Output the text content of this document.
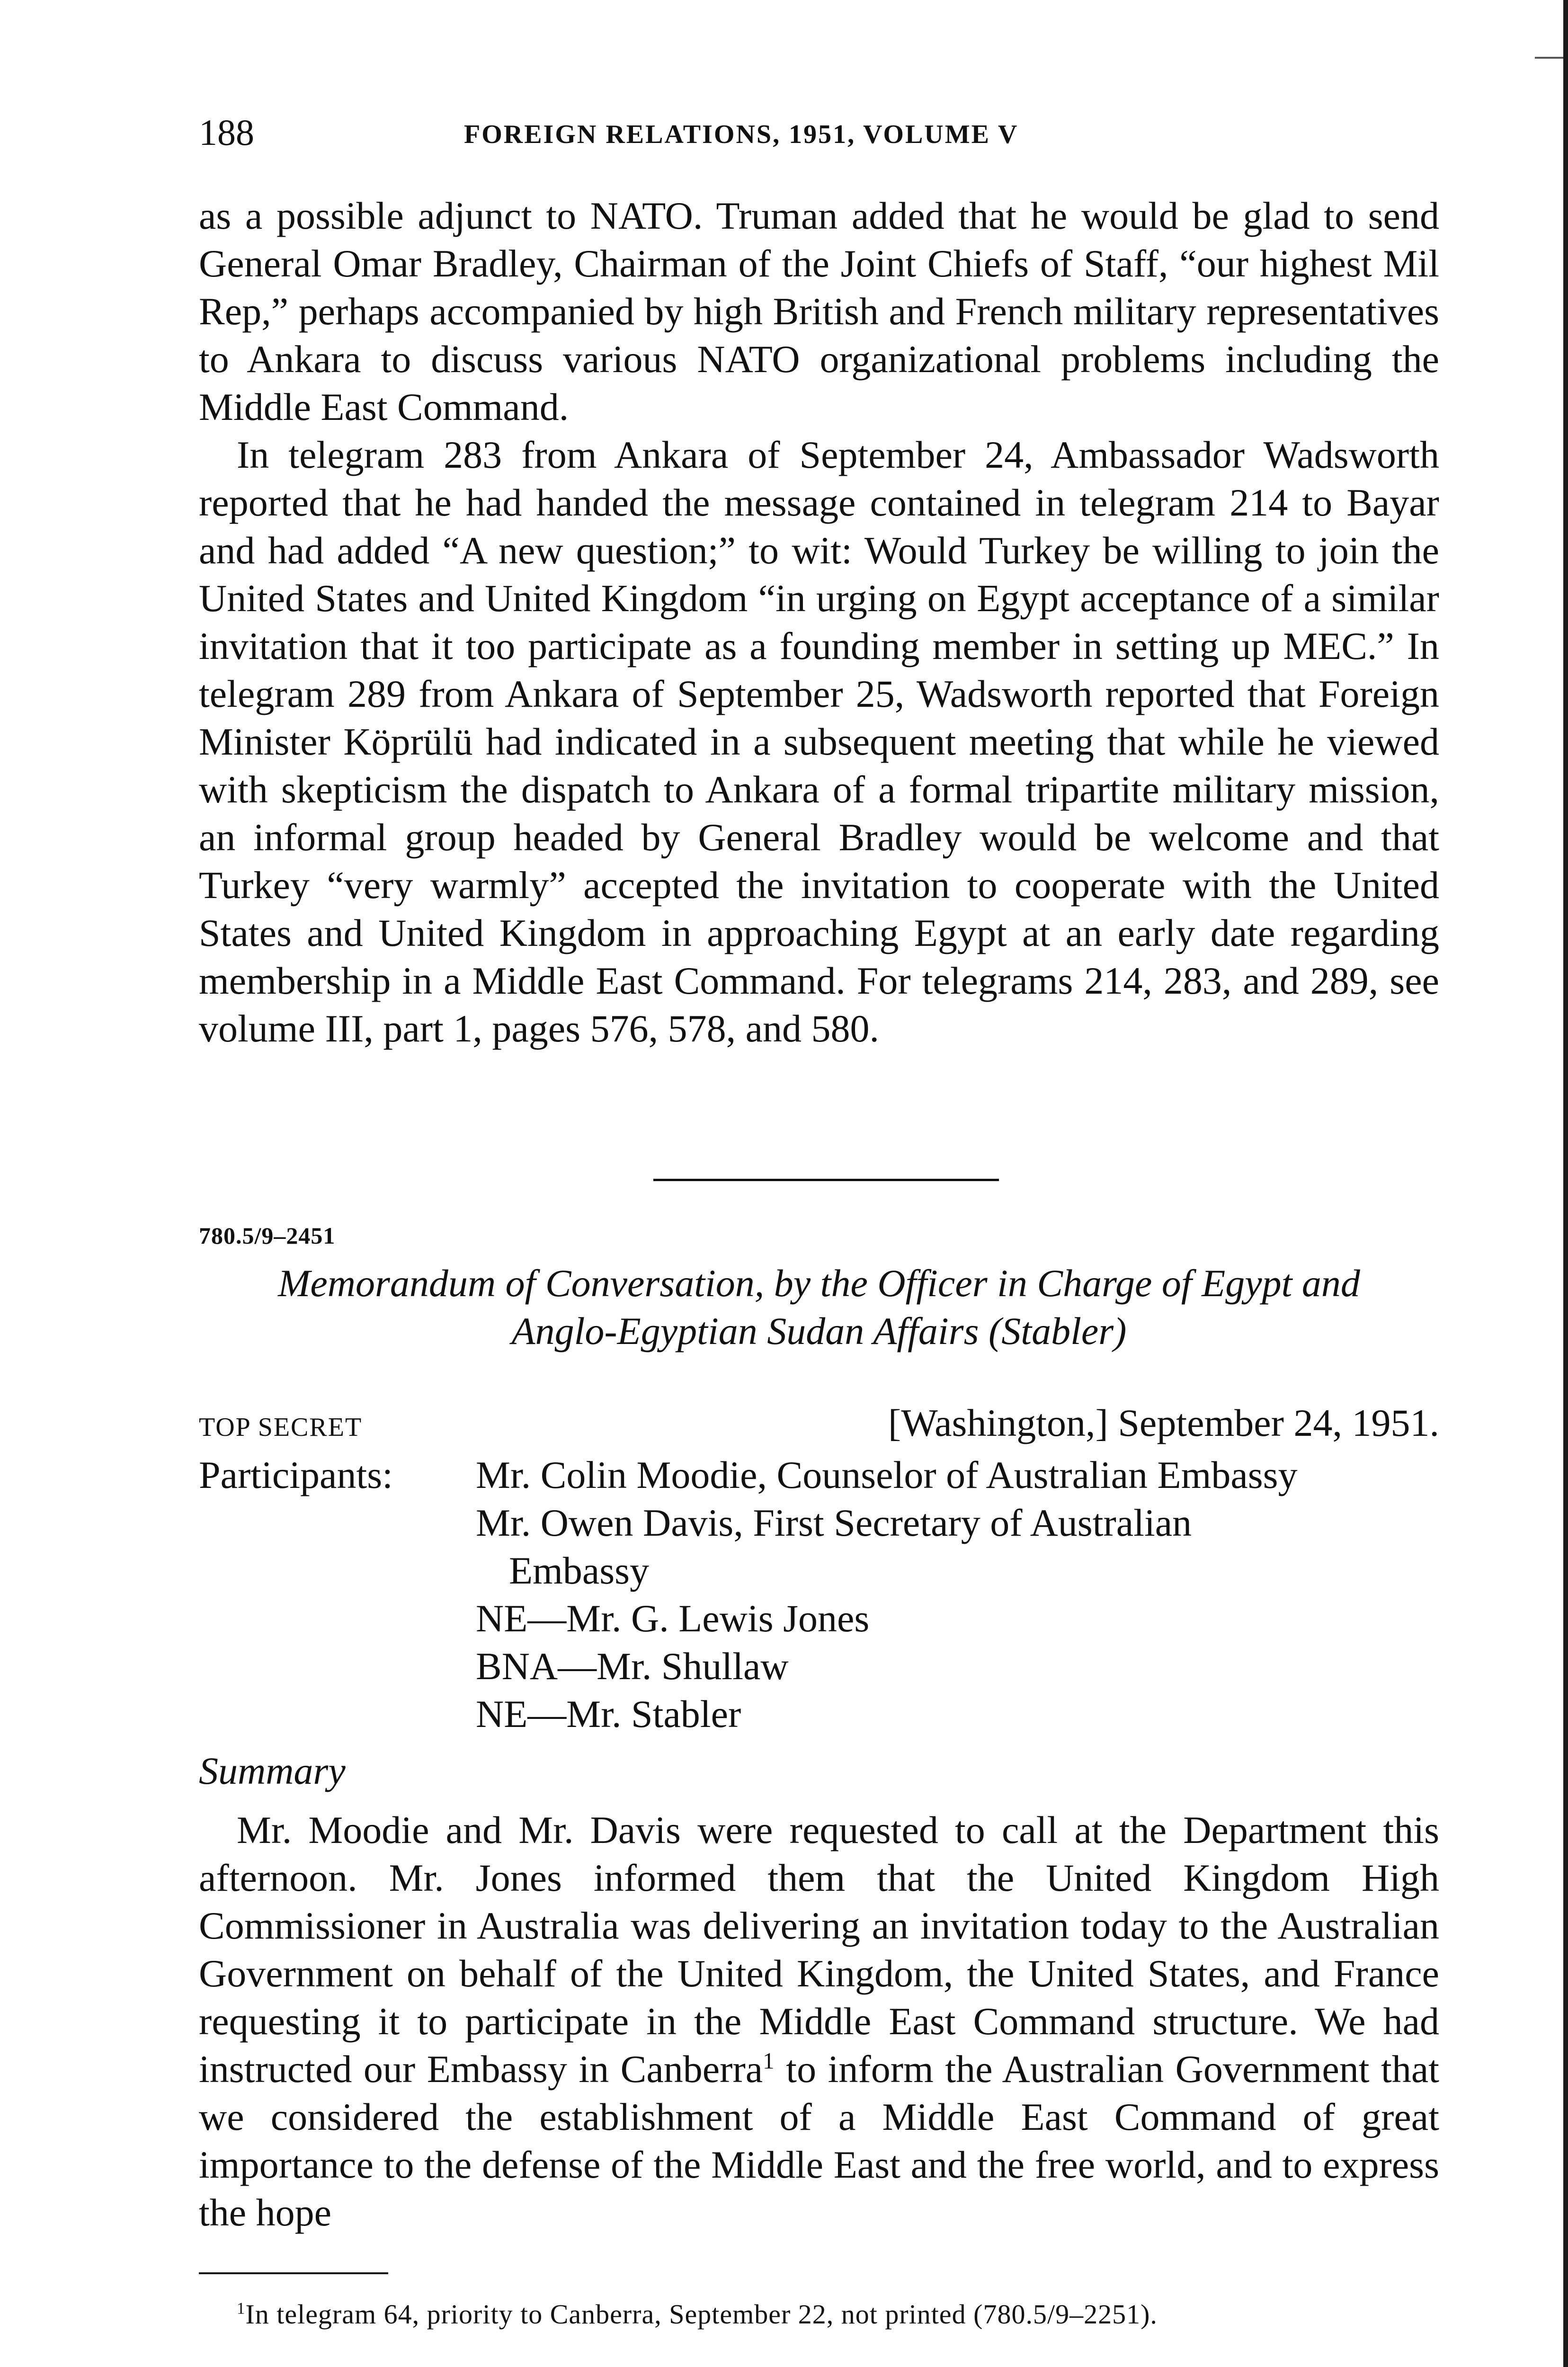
188	FOREIGN RELATIONS, 1951, VOLUME V

as a possible adjunct to NATO. Truman added that he would be glad to send General Omar Bradley, Chairman of the Joint Chiefs of Staff, “our highest Mil Rep,” perhaps accompanied by high British and French military representatives to Ankara to discuss various NATO organizational problems including the Middle East Command.

In telegram 283 from Ankara of September 24, Ambassador Wadsworth reported that he had handed the message contained in telegram 214 to Bayar and had added “A new question;” to wit: Would Turkey be willing to join the United States and United Kingdom “in urging on Egypt acceptance of a similar invitation that it too participate as a founding member in setting up MEC.” In telegram 289 from Ankara of September 25, Wadsworth reported that Foreign Minister Köprülü had indicated in a subsequent meeting that while he viewed with skepticism the dispatch to Ankara of a formal tripartite military mission, an informal group headed by General Bradley would be welcome and that Turkey “very warmly” accepted the invitation to cooperate with the United States and United Kingdom in approaching Egypt at an early date regarding membership in a Middle East Command. For telegrams 214, 283, and 289, see volume III, part 1, pages 576, 578, and 580.

780.5/9–2451
Memorandum of Conversation, by the Officer in Charge of Egypt and
Anglo-Egyptian Sudan Affairs (Stabler)
TOP SECRET	[Washington,] September 24, 1951.
Participants: Mr. Colin Moodie, Counselor of Australian Embassy
Mr. Owen Davis, First Secretary of Australian
Embassy
NE—Mr. G. Lewis Jones
BNA—Mr. Shullaw
NE—Mr. Stabler
Summary

Mr. Moodie and Mr. Davis were requested to call at the Department this afternoon. Mr. Jones informed them that the United Kingdom High Commissioner in Australia was delivering an invitation today to the Australian Government on behalf of the United Kingdom, the United States, and France requesting it to participate in the Middle East Command structure. We had instructed our Embassy in Canberra$^1$ to inform the Australian Government that we considered the establishment of a Middle East Command of great importance to the defense of the Middle East and the free world, and to express the hope

$^1$In telegram 64, priority to Canberra, September 22, not printed (780.5/9–2251).
